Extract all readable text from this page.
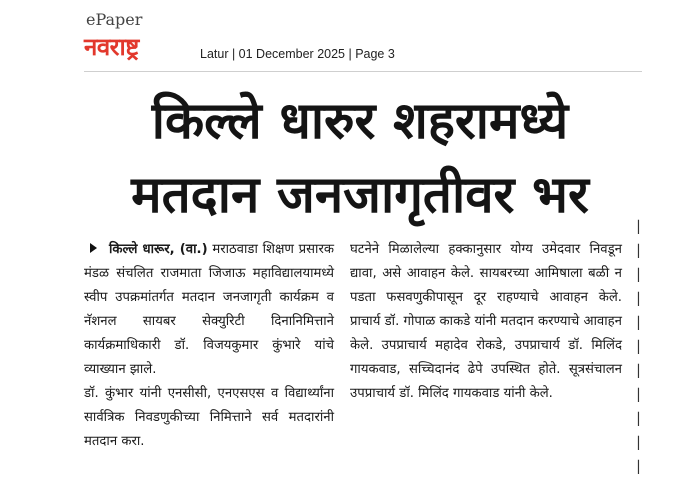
ePaper
नवराष्ट्र	Latur | 01 December 2025 | Page 3
किल्ले धारुर शहरामध्ये
मतदान जनजागृतीवर भर

किल्ले धारूर, (वा.) मराठवाडा शिक्षण प्रसारक मंडळ संचलित राजमाता जिजाऊ महाविद्यालयामध्ये स्वीप उपक्रमांतर्गत मतदान जनजागृती कार्यक्रम व नॅशनल सायबर सेक्युरिटी दिनानिमित्ताने कार्यक्रमाधिकारी डॉ. विजयकुमार कुंभारे यांचे व्याख्यान झाले.

डॉ. कुंभार यांनी एनसीसी, एनएसएस व विद्यार्थ्यांना सार्वत्रिक निवडणुकीच्या निमित्ताने सर्व मतदारांनी मतदान करा.

घटनेने मिळालेल्या हक्कानुसार योग्य उमेदवार निवडून द्यावा, असे आवाहन केले. सायबरच्या आमिषाला बळी न पडता फसवणुकीपासून दूर राहण्याचे आवाहन केले. प्राचार्य डॉ. गोपाळ काकडे यांनी मतदान करण्याचे आवाहन केले. उपप्राचार्य महादेव रोकडे, उपप्राचार्य डॉ. मिलिंद गायकवाड, सच्चिदानंद ढेपे उपस्थित होते. सूत्रसंचालन उपप्राचार्य डॉ. मिलिंद गायकवाड यांनी केले.

▏
▏
▏
▏
▏
▏
▏
▏
▏
▏
▏
